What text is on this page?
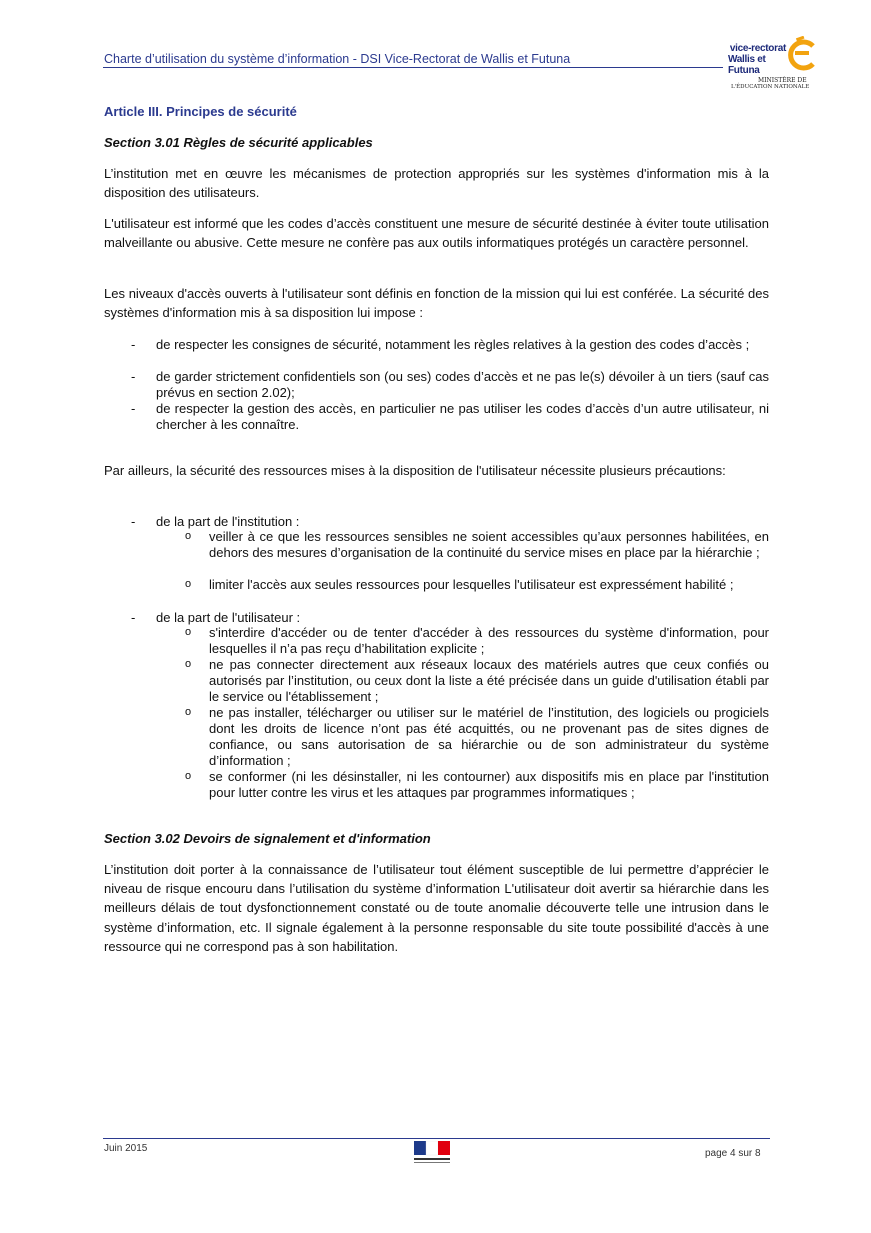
Charte d’utilisation du système d’information - DSI Vice-Rectorat de Wallis et Futuna
vice-rectorat
Wallis et Futuna
MINISTÈRE DE
L'ÉDUCATION NATIONALE
Article III. Principes de sécurité
Section 3.01 Règles de sécurité applicables
L’institution met en œuvre les mécanismes de protection appropriés sur les systèmes d'information mis à la disposition des utilisateurs.
L'utilisateur est informé que les codes d’accès constituent une mesure de sécurité destinée à éviter toute utilisation malveillante ou abusive. Cette mesure ne confère pas aux outils informatiques protégés un caractère personnel.
Les niveaux d'accès ouverts à l'utilisateur sont définis en fonction de la mission qui lui est conférée. La sécurité des systèmes d'information mis à sa disposition lui impose :
- de respecter les consignes de sécurité, notamment les règles relatives à la gestion des codes d’accès ;
- de garder strictement confidentiels son (ou ses) codes d’accès et ne pas le(s) dévoiler à un tiers (sauf cas prévus en section 2.02);
- de respecter la gestion des accès, en particulier ne pas utiliser les codes d’accès d’un autre utilisateur, ni chercher à les connaître.
Par ailleurs, la sécurité des ressources mises à la disposition de l'utilisateur nécessite plusieurs précautions:
- de la part de l'institution :
o veiller à ce que les ressources sensibles ne soient accessibles qu’aux personnes habilitées, en dehors des mesures d’organisation de la continuité du service mises en place par la hiérarchie ;
o limiter l'accès aux seules ressources pour lesquelles l'utilisateur est expressément habilité ;
- de la part de l'utilisateur :
o s'interdire d'accéder ou de tenter d'accéder à des ressources du système d'information, pour lesquelles il n’a pas reçu d’habilitation explicite ;
o ne pas connecter directement aux réseaux locaux des matériels autres que ceux confiés ou autorisés par l’institution, ou ceux dont la liste a été précisée dans un guide d'utilisation établi par le service ou l'établissement ;
o ne pas installer, télécharger ou utiliser sur le matériel de l’institution, des logiciels ou progiciels dont les droits de licence n’ont pas été acquittés, ou ne provenant pas de sites dignes de confiance, ou sans autorisation de sa hiérarchie ou de son administrateur du système d’information ;
o se conformer (ni les désinstaller, ni les contourner) aux dispositifs mis en place par l'institution pour lutter contre les virus et les attaques par programmes informatiques ;
Section 3.02 Devoirs de signalement et d'information
L’institution doit porter à la connaissance de l’utilisateur tout élément susceptible de lui permettre d’apprécier le niveau de risque encouru dans l’utilisation du système d’information L'utilisateur doit avertir sa hiérarchie dans les meilleurs délais de tout dysfonctionnement constaté ou de toute anomalie découverte telle une intrusion dans le système d’information, etc. Il signale également à la personne responsable du site toute possibilité d'accès à une ressource qui ne correspond pas à son habilitation.
Juin 2015	page 4 sur 8
